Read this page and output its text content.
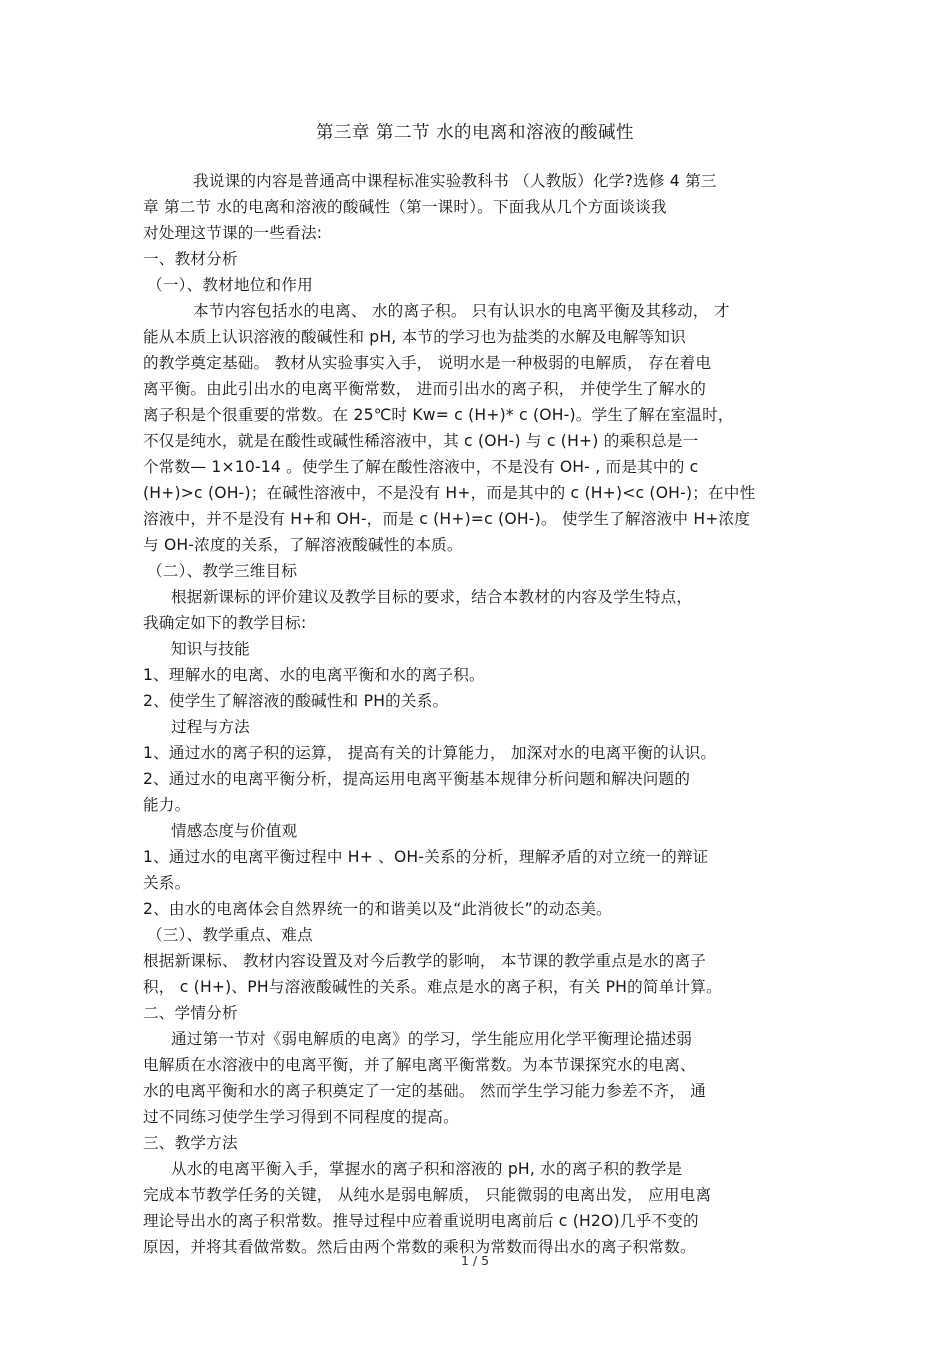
第三章 第二节 水的电离和溶液的酸碱性
我说课的内容是普通高中课程标准实验教科书 （人教版）化学?选修 4 第三
章 第二节 水的电离和溶液的酸碱性（第一课时）。下面我从几个方面谈谈我
对处理这节课的一些看法:
一、教材分析
（一）、教材地位和作用
本节内容包括水的电离、 水的离子积。 只有认识水的电离平衡及其移动， 才
能从本质上认识溶液的酸碱性和 pH, 本节的学习也为盐类的水解及电解等知识
的教学奠定基础。 教材从实验事实入手， 说明水是一种极弱的电解质， 存在着电
离平衡。由此引出水的电离平衡常数， 进而引出水的离子积， 并使学生了解水的
离子积是个很重要的常数。在 25℃时 Kw= c (H+)* c (OH-)。学生了解在室温时，
不仅是纯水，就是在酸性或碱性稀溶液中，其 c (OH-) 与 c (H+) 的乘积总是一
个常数— 1×10-14 。使学生了解在酸性溶液中，不是没有 OH- , 而是其中的 c
(H+)>c (OH-)；在碱性溶液中，不是没有 H+，而是其中的 c (H+)<c (OH-)；在中性
溶液中，并不是没有 H+和 OH-，而是 c (H+)=c (OH-)。 使学生了解溶液中 H+浓度
与 OH-浓度的关系，了解溶液酸碱性的本质。
（二）、教学三维目标
根据新课标的评价建议及教学目标的要求，结合本教材的内容及学生特点，
我确定如下的教学目标:
知识与技能
1、理解水的电离、水的电离平衡和水的离子积。
2、使学生了解溶液的酸碱性和 PH的关系。
过程与方法
1、通过水的离子积的运算， 提高有关的计算能力， 加深对水的电离平衡的认识。
2、通过水的电离平衡分析，提高运用电离平衡基本规律分析问题和解决问题的
能力。
情感态度与价值观
1、通过水的电离平衡过程中 H+ 、OH-关系的分析，理解矛盾的对立统一的辩证
关系。
2、由水的电离体会自然界统一的和谐美以及“此消彼长”的动态美。
（三）、教学重点、难点
根据新课标、 教材内容设置及对今后教学的影响， 本节课的教学重点是水的离子
积， c (H+)、PH与溶液酸碱性的关系。难点是水的离子积，有关 PH的简单计算。
二、学情分析
通过第一节对《弱电解质的电离》的学习，学生能应用化学平衡理论描述弱
电解质在水溶液中的电离平衡，并了解电离平衡常数。为本节课探究水的电离、
水的电离平衡和水的离子积奠定了一定的基础。 然而学生学习能力参差不齐， 通
过不同练习使学生学习得到不同程度的提高。
三、教学方法
从水的电离平衡入手，掌握水的离子积和溶液的 pH, 水的离子积的教学是
完成本节教学任务的关键， 从纯水是弱电解质， 只能微弱的电离出发， 应用电离
理论导出水的离子积常数。推导过程中应着重说明电离前后 c (H2O)几乎不变的
原因，并将其看做常数。然后由两个常数的乘积为常数而得出水的离子积常数。
1 / 5
